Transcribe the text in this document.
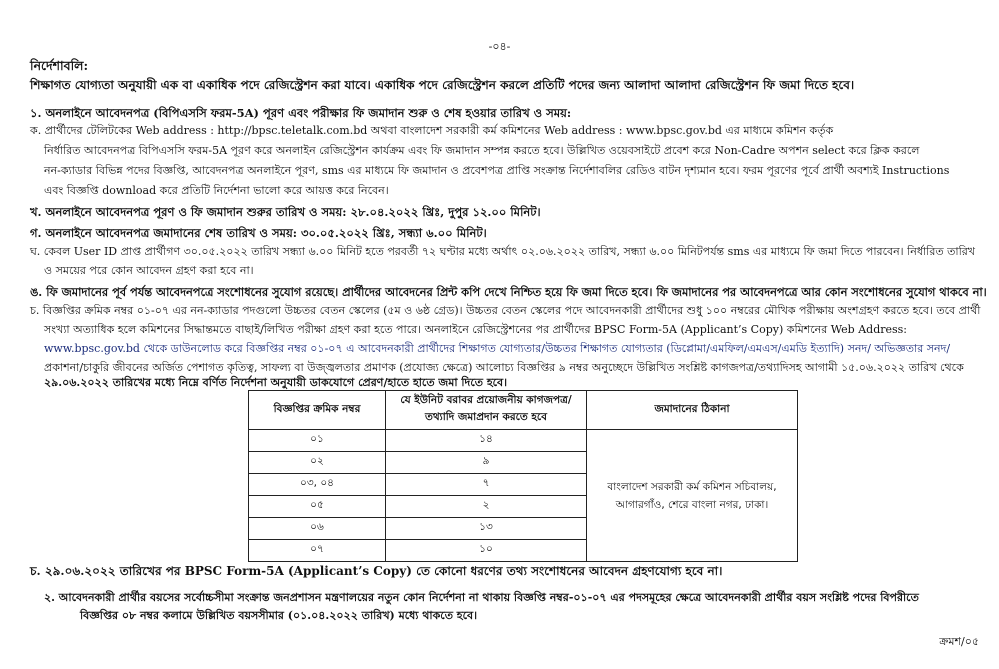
-০৪-
নির্দেশাবলি:
শিক্ষাগত যোগ্যতা অনুযায়ী এক বা একাধিক পদে রেজিস্ট্রেশন করা যাবে। একাধিক পদে রেজিস্ট্রেশন করলে প্রতিটি পদের জন্য আলাদা আলাদা রেজিস্ট্রেশন ফি জমা দিতে হবে।
১. অনলাইনে আবেদনপত্র (বিপিএসসি ফরম-5A) পূরণ এবং পরীক্ষার ফি জমাদান শুরু ও শেষ হওয়ার তারিখ ও সময়:
ক. প্রার্থীদের টেলিটকের Web address : http://bpsc.teletalk.com.bd অথবা বাংলাদেশ সরকারী কর্ম কমিশনের Web address : www.bpsc.gov.bd এর মাধ্যমে কমিশন কর্তৃক
নির্ধারিত আবেদনপত্র বিপিএসসি ফরম-5A পূরণ করে অনলাইন রেজিস্ট্রেশন কার্যক্রম এবং ফি জমাদান সম্পন্ন করতে হবে। উল্লিখিত ওয়েবসাইটে প্রবেশ করে Non-Cadre অপশন select করে ক্লিক করলে
নন-ক্যাডার বিভিন্ন পদের বিজ্ঞপ্তি, আবেদনপত্র অনলাইনে পূরণ, sms এর মাধ্যমে ফি জমাদান ও প্রবেশপত্র প্রাপ্তি সংক্রান্ত নির্দেশাবলির রেডিও বাটন দৃশ্যমান হবে। ফরম পূরণের পূর্বে প্রার্থী অবশ্যই Instructions
এবং বিজ্ঞপ্তি download করে প্রতিটি নির্দেশনা ভালো করে আয়ত্ত করে নিবেন।
খ. অনলাইনে আবেদনপত্র পূরণ ও ফি জমাদান শুরুর তারিখ ও সময়: ২৮.০৪.২০২২ খ্রিঃ, দুপুর ১২.০০ মিনিট।
গ. অনলাইনে আবেদনপত্র জমাদানের শেষ তারিখ ও সময়: ৩০.০৫.২০২২ খ্রিঃ, সন্ধ্যা ৬.০০ মিনিট।
ঘ. কেবল User ID প্রাপ্ত প্রার্থীগণ ৩০.০৫.২০২২ তারিখ সন্ধ্যা ৬.০০ মিনিট হতে পরবর্তী ৭২ ঘণ্টার মধ্যে অর্থাৎ ০২.০৬.২০২২ তারিখ, সন্ধ্যা ৬.০০ মিনিটপর্যন্ত sms এর মাধ্যমে ফি জমা দিতে পারবেন। নির্ধারিত তারিখ
ও সময়ের পরে কোন আবেদন গ্রহণ করা হবে না।
ঙ. ফি জমাদানের পূর্ব পর্যন্ত আবেদনপত্রে সংশোধনের সুযোগ রয়েছে। প্রার্থীদের আবেদনের প্রিন্ট কপি দেখে নিশ্চিত হয়ে ফি জমা দিতে হবে। ফি জমাদানের পর আবেদনপত্রে আর কোন সংশোধনের সুযোগ থাকবে না।
চ. বিজ্ঞপ্তির ক্রমিক নম্বর ০১-০৭ এর নন-ক্যাডার পদগুলো উচ্চতর বেতন স্কেলের (৫ম ও ৬ষ্ঠ গ্রেড)। উচ্চতর বেতন স্কেলের পদে আবেদনকারী প্রার্থীদের শুধু ১০০ নম্বরের মৌখিক পরীক্ষায় অংশগ্রহণ করতে হবে। তবে প্রার্থী
সংখ্যা অত্যাধিক হলে কমিশনের সিদ্ধান্তমতে বাছাই/লিখিত পরীক্ষা গ্রহণ করা হতে পারে। অনলাইনে রেজিস্ট্রেশনের পর প্রার্থীদের BPSC Form-5A (Applicant’s Copy) কমিশনের Web Address:
www.bpsc.gov.bd থেকে ডাউনলোড করে বিজ্ঞপ্তির নম্বর ০১-০৭ এ আবেদনকারী প্রার্থীদের শিক্ষাগত যোগ্যতার/উচ্চতর শিক্ষাগত যোগ্যতার (ডিপ্লোমা/এমফিল/এমএস/এমডি ইত্যাদি) সনদ/ অভিজ্ঞতার সনদ/
প্রকাশনা/চাকুরি জীবনের অর্জিত পেশাগত কৃতিত্ব, সাফল্য বা উজ্জ্বলতার প্রমাণক (প্রযোজ্য ক্ষেত্রে) আলোচ্য বিজ্ঞপ্তির ৯ নম্বর অনুচ্ছেদে উল্লিখিত সংশ্লিষ্ট কাগজপত্র/তথ্যাদিসহ আগামী ১৫.০৬.২০২২ তারিখ থেকে
২৯.০৬.২০২২ তারিখের মধ্যে নিম্নে বর্ণিত নির্দেশনা অনুযায়ী ডাকযোগে প্রেরণ/হাতে হাতে জমা দিতে হবে।
বিজ্ঞপ্তির ক্রমিক নম্বর	যে ইউনিট বরাবর প্রয়োজনীয় কাগজপত্র/তথ্যাদি জমাপ্রদান করতে হবে	জমাদানের ঠিকানা
০১	১৪	বাংলাদেশ সরকারী কর্ম কমিশন সচিবালয়, আগারগাঁও, শেরে বাংলা নগর, ঢাকা।
০২	৯	
০৩, ০৪	৭	
০৫	২	
০৬	১৩	
০৭	১০	
চ. ২৯.০৬.২০২২ তারিখের পর BPSC Form-5A (Applicant’s Copy) তে কোনো ধরণের তথ্য সংশোধনের আবেদন গ্রহণযোগ্য হবে না।
২. আবেদনকারী প্রার্থীর বয়সের সর্বোচ্চসীমা সংক্রান্ত জনপ্রশাসন মন্ত্রণালয়ের নতুন কোন নির্দেশনা না থাকায় বিজ্ঞপ্তি নম্বর-০১-০৭ এর পদসমূহের ক্ষেত্রে আবেদনকারী প্রার্থীর বয়স সংশ্লিষ্ট পদের বিপরীতে
বিজ্ঞপ্তির ০৮ নম্বর কলামে উল্লিখিত বয়সসীমার (০১.০৪.২০২২ তারিখ) মধ্যে থাকতে হবে।
ক্রমশ/০৫
